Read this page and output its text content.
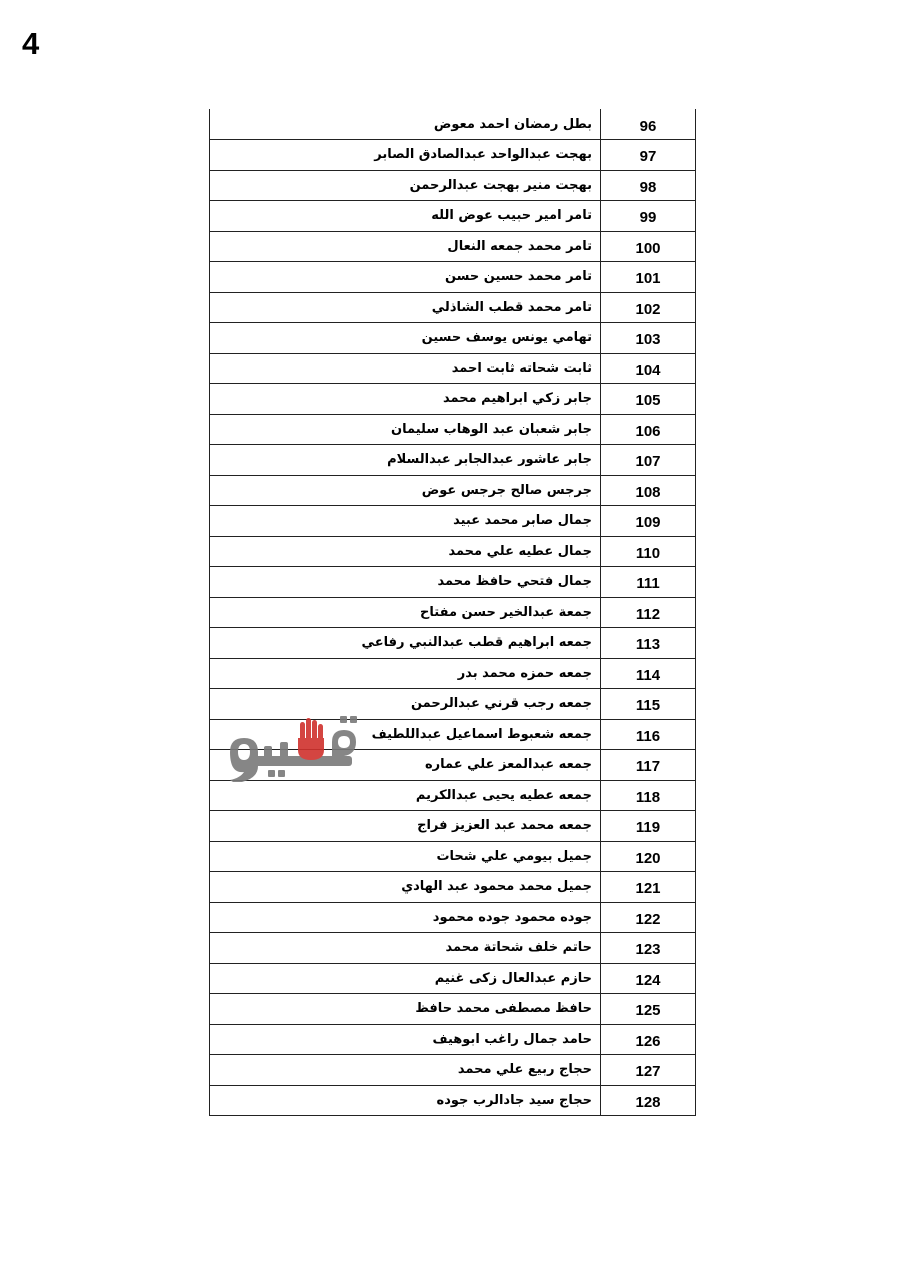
4
بطل رمضان احمد معوض	96
بهجت عبدالواحد عبدالصادق الصابر	97
بهجت منير بهجت عبدالرحمن	98
تامر امير حبيب عوض الله	99
تامر محمد جمعه النعال	100
تامر محمد حسين حسن	101
تامر محمد قطب الشاذلي	102
تهامي يونس يوسف حسين	103
ثابت شحاته ثابت احمد	104
جابر زكي ابراهيم محمد	105
جابر شعبان عبد الوهاب سليمان	106
جابر عاشور عبدالجابر عبدالسلام	107
جرجس صالح جرجس عوض	108
جمال صابر محمد عبيد	109
جمال عطيه علي محمد	110
جمال فتحي حافظ محمد	111
جمعة عبدالخير حسن مفتاح	112
جمعه ابراهيم قطب عبدالنبي رفاعي	113
جمعه حمزه محمد بدر	114
جمعه رجب قرني عبدالرحمن	115
جمعه شعبوط اسماعيل عبداللطيف	116
جمعه عبدالمعز علي عماره	117
جمعه عطيه يحيى عبدالكريم	118
جمعه محمد عبد العزيز فراج	119
جميل بيومي علي شحات	120
جميل محمد محمود عبد الهادي	121
جوده محمود جوده محمود	122
حاتم خلف شحاتة محمد	123
حازم عبدالعال زكى غنيم	124
حافظ مصطفى محمد حافظ	125
حامد جمال راغب ابوهيف	126
حجاج ربيع علي محمد	127
حجاج سيد جادالرب جوده	128
فيتو
